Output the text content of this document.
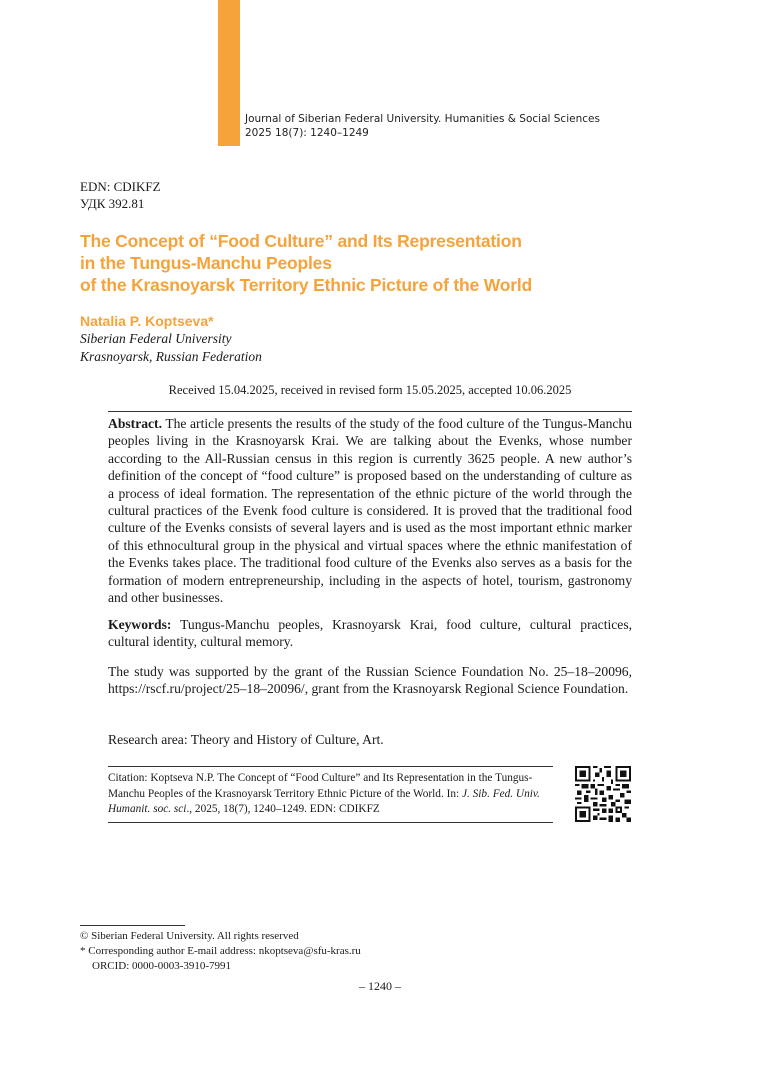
Journal of Siberian Federal University. Humanities & Social Sciences
2025 18(7): 1240–1249
EDN: CDIKFZ
УДК 392.81
The Concept of “Food Culture” and Its Representation
in the Tungus-Manchu Peoples
of the Krasnoyarsk Territory Ethnic Picture of the World
Natalia P. Koptseva*
Siberian Federal University
Krasnoyarsk, Russian Federation
Received 15.04.2025, received in revised form 15.05.2025, accepted 10.06.2025
Abstract. The article presents the results of the study of the food culture of the Tungus-Manchu peoples living in the Krasnoyarsk Krai. We are talking about the Evenks, whose number according to the All-Russian census in this region is currently 3625 people. A new author’s definition of the concept of “food culture” is proposed based on the understanding of culture as a process of ideal formation. The representation of the ethnic picture of the world through the cultural practices of the Evenk food culture is considered. It is proved that the traditional food culture of the Evenks consists of several layers and is used as the most important ethnic marker of this ethnocultural group in the physical and virtual spaces where the ethnic manifestation of the Evenks takes place. The traditional food culture of the Evenks also serves as a basis for the formation of modern entrepreneurship, including in the aspects of hotel, tourism, gastronomy and other businesses.
Keywords: Tungus-Manchu peoples, Krasnoyarsk Krai, food culture, cultural practices, cultural identity, cultural memory.
The study was supported by the grant of the Russian Science Foundation No. 25–18–20096, https://rscf.ru/project/25–18–20096/, grant from the Krasnoyarsk Regional Science Foundation.
Research area: Theory and History of Culture, Art.
Citation: Koptseva N.P. The Concept of “Food Culture” and Its Representation in the Tungus-Manchu Peoples of the Krasnoyarsk Territory Ethnic Picture of the World. In: J. Sib. Fed. Univ. Humanit. soc. sci., 2025, 18(7), 1240–1249. EDN: CDIKFZ
© Siberian Federal University. All rights reserved
* Corresponding author E-mail address: nkoptseva@sfu-kras.ru
ORCID: 0000-0003-3910-7991
– 1240 –
